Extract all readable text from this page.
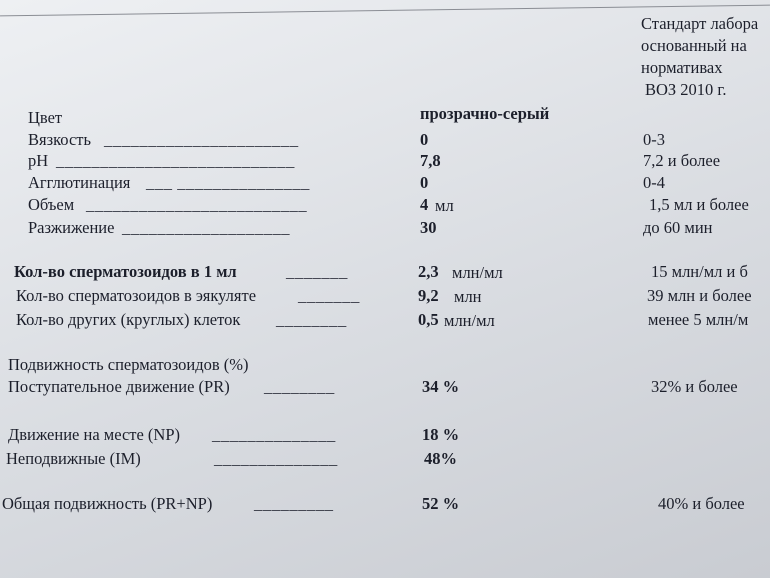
Стандарт лабора
основанный на
нормативах
ВОЗ 2010 г.
Цвет	прозрачно-серый
Вязкость ______________________	0	0-3
pH ___________________________	7,8	7,2 и более
Агглютинация ___ _______________	0	0-4
Объем _________________________	4 мл	1,5 мл и более
Разжижение ___________________	30	до 60 мин
Кол-во сперматозоидов в 1 мл	_______	2,3 млн/мл	15 млн/мл и б
Кол-во сперматозоидов в эякуляте	_______	9,2 млн	39 млн и более
Кол-во других (круглых) клеток ________	0,5 млн/мл	менее 5 млн/м
Подвижность сперматозоидов (%)
Поступательное движение (PR) ________	34 %	32% и более
Движение на месте (NP) ______________	18 %
Неподвижные (IM)	______________	48%
Общая подвижность (PR+NP)	_________	52 %	40% и более
